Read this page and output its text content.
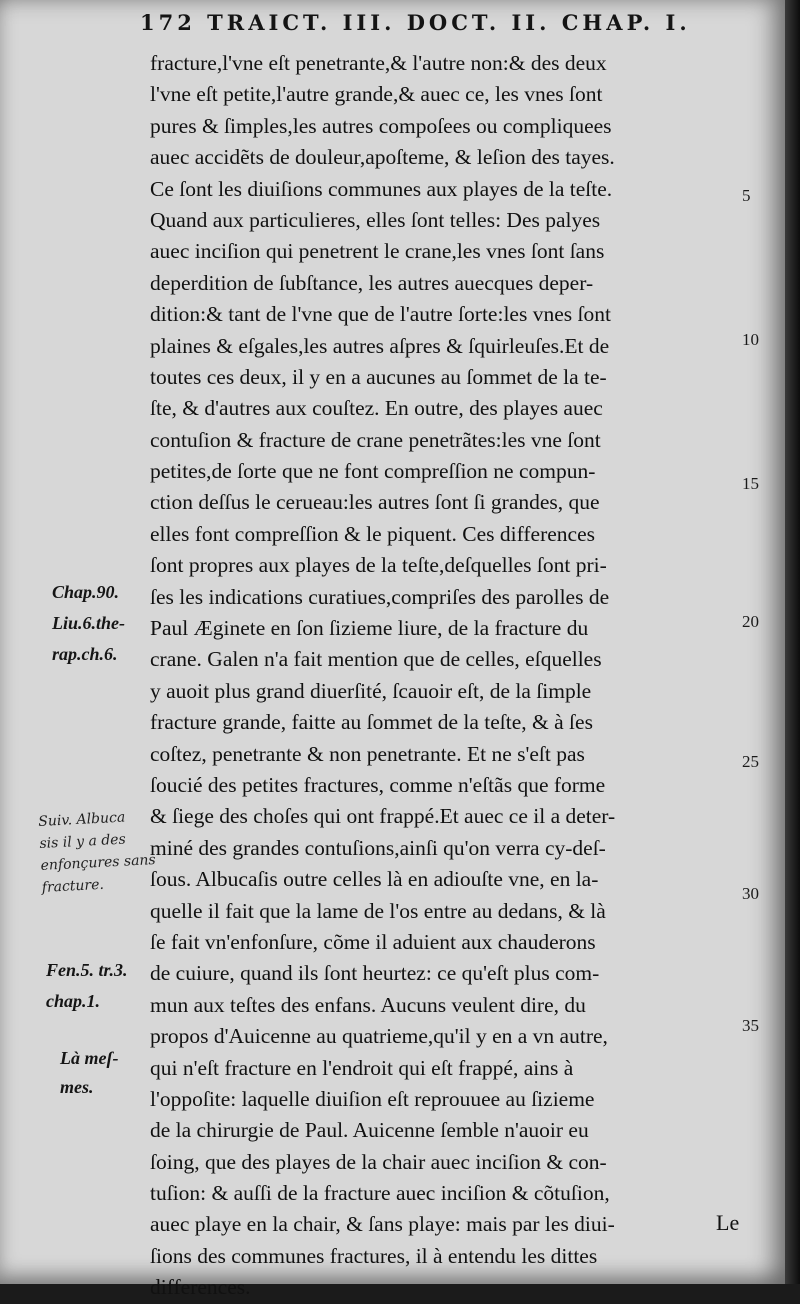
172 TRAICT. III. DOCT. II. CHAP. I.
fracture,l'vne eſt penetrante,& l'autre non:& des deux
l'vne eſt petite,l'autre grande,& auec ce, les vnes ſont
pures & ſimples,les autres compoſees ou compliquees
auec accidẽts de douleur,apoſteme, & leſion des tayes.
Ce ſont les diuiſions communes aux playes de la teſte.
Quand aux particulieres, elles ſont telles: Des palyes
auec inciſion qui penetrent le crane,les vnes ſont ſans
deperdition de ſubſtance, les autres auecques deper-
dition:& tant de l'vne que de l'autre ſorte:les vnes ſont
plaines & eſgales,les autres aſpres & ſquirleuſes.Et de
toutes ces deux, il y en a aucunes au ſommet de la te-
ſte, & d'autres aux couſtez. En outre, des playes auec
contuſion & fracture de crane penetrãtes:les vne ſont
petites,de ſorte que ne font compreſſion ne compun-
ction deſſus le cerueau:les autres ſont ſi grandes, que
elles font compreſſion & le piquent. Ces differences
ſont propres aux playes de la teſte,deſquelles ſont pri-
ſes les indications curatiues,compriſes des parolles de
Paul Æginete en ſon ſizieme liure, de la fracture du
crane. Galen n'a fait mention que de celles, eſquelles
y auoit plus grand diuerſité, ſcauoir eſt, de la ſimple
fracture grande, faitte au ſommet de la teſte, & à ſes
coſtez, penetrante & non penetrante. Et ne s'eſt pas
ſoucié des petites fractures, comme n'eſtãs que forme
& ſiege des choſes qui ont frappé.Et auec ce il a deter-
miné des grandes contuſions,ainſi qu'on verra cy-deſ-
ſous. Albucaſis outre celles là en adiouſte vne, en la-
quelle il fait que la lame de l'os entre au dedans, & là
ſe fait vn'enfonſure, cõme il aduient aux chauderons
de cuiure, quand ils ſont heurtez: ce qu'eſt plus com-
mun aux teſtes des enfans. Aucuns veulent dire, du
propos d'Auicenne au quatrieme,qu'il y en a vn autre,
qui n'eſt fracture en l'endroit qui eſt frappé, ains à
l'oppoſite: laquelle diuiſion eſt reprouuee au ſizieme
de la chirurgie de Paul. Auicenne ſemble n'auoir eu
ſoing, que des playes de la chair auec inciſion & con-
tuſion: & auſſi de la fracture auec inciſion & cõtuſion,
auec playe en la chair, & ſans playe: mais par les diui-
ſions des communes fractures, il à entendu les dittes
differences.
Chap.90.
Liu.6.the-
rap.ch.6.
Suiv. Albuca
sis il y a des
enfonçures sans
fracture.
Fen.5. tr.3.
chap.1.
Là meſ-
mes.
5
10
15
20
25
30
35
Le
